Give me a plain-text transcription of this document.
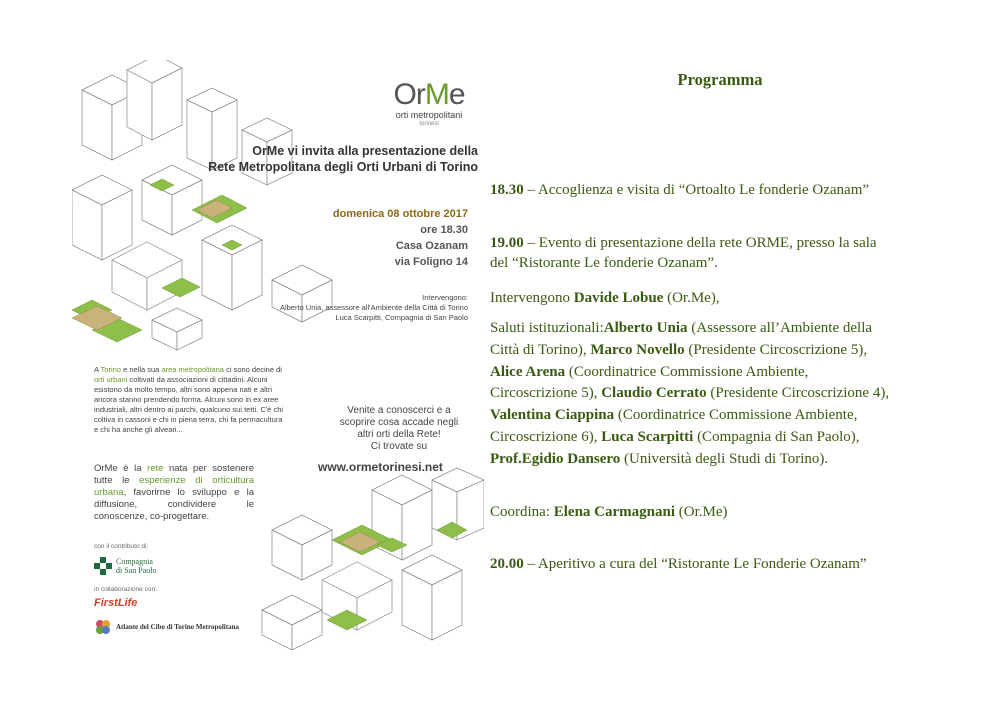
OrMe
orti metropolitani
torinesi
OrMe vi invita alla presentazione della
Rete Metropolitana degli Orti Urbani di Torino
domenica 08 ottobre 2017
ore 18.30
Casa Ozanam
via Foligno 14
Intervengono:
Alberto Unia, assessore all'Ambiente della Città di Torino
Luca Scarpitti, Compagnia di San Paolo
A Torino e nella sua area metropolitana ci sono decine di orti urbani coltivati da associazioni di cittadini. Alcuni esistono da molto tempo, altri sono appena nati e altri ancora stanno prendendo forma. Alcuni sono in ex aree industriali, altri dentro ai parchi, qualcuno sui tetti. C'è chi coltiva in cassoni e chi in piena terra, chi fa permacultura e chi ha anche gli alveari...
OrMe è la rete nata per sostenere tutte le esperienze di orticultura urbana, favorirne lo sviluppo e la diffusione, condividere le conoscenze, co-progettare.
Venite a conoscerci e a scoprire cosa accade negli altri orti della Rete!
Ci trovate su
www.ormetorinesi.net
con il contributo di:
Compagnia
di San Paolo
in collaborazione con:
FirstLife
Atlante del Cibo di Torino Metropolitana
Programma

18.30 – Accoglienza e visita di “Ortoalto Le fonderie Ozanam”

19.00 – Evento di presentazione della rete ORME, presso la sala
del “Ristorante Le fonderie Ozanam”.

Intervengono Davide Lobue (Or.Me),

Saluti istituzionali:Alberto Unia (Assessore all’Ambiente della
Città di Torino), Marco Novello (Presidente Circoscrizione 5),
Alice Arena (Coordinatrice Commissione Ambiente,
Circoscrizione 5), Claudio Cerrato (Presidente Circoscrizione 4),
Valentina Ciappina (Coordinatrice Commissione Ambiente,
Circoscrizione 6), Luca Scarpitti (Compagnia di San Paolo),
Prof.Egidio Dansero (Università degli Studi di Torino).

Coordina: Elena Carmagnani (Or.Me)

20.00 – Aperitivo a cura del “Ristorante Le Fonderie Ozanam”
